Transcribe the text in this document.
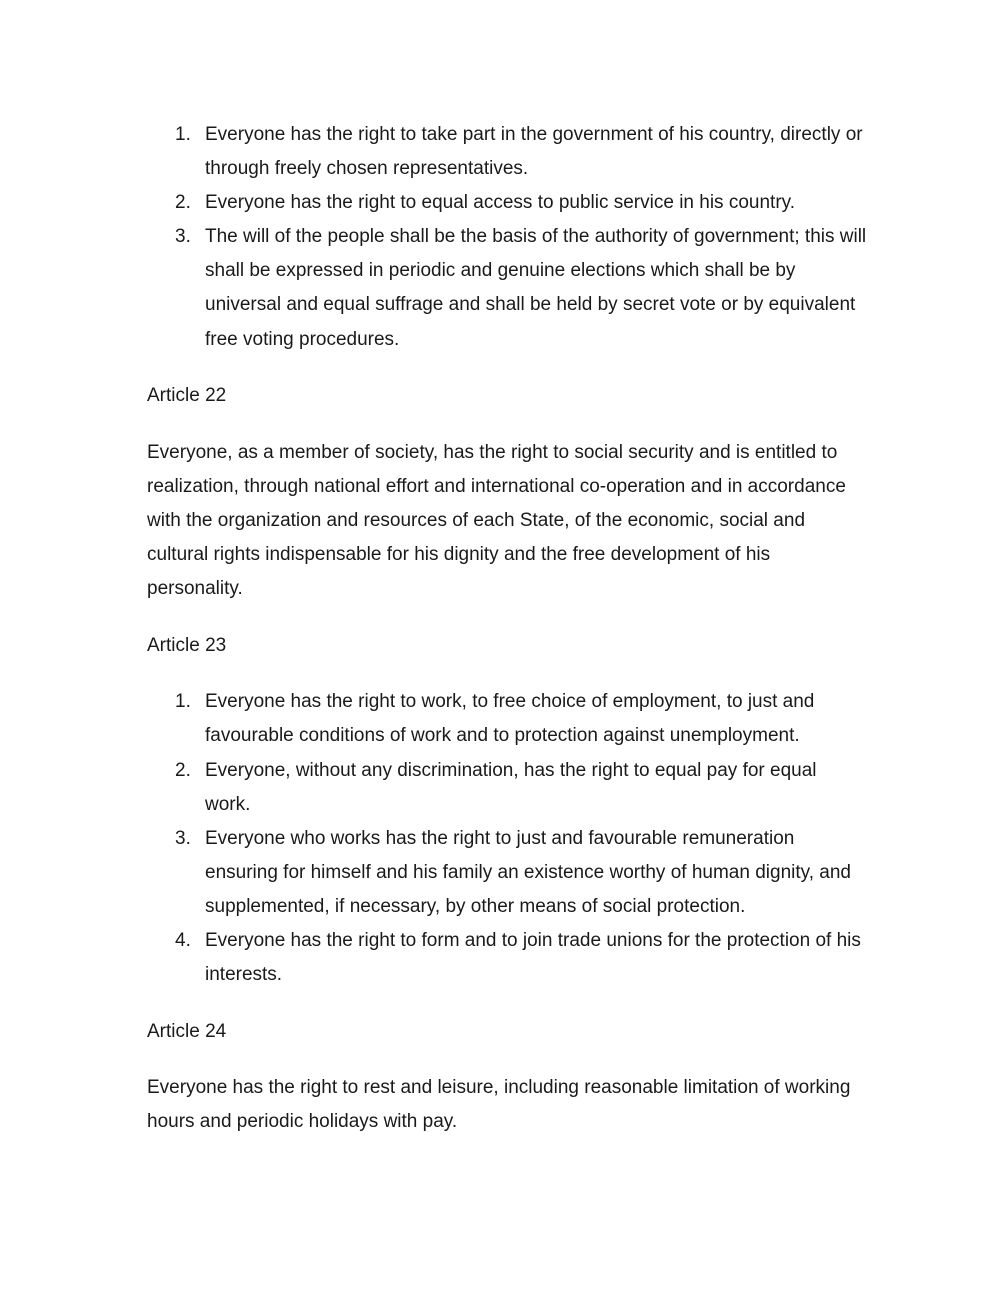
1. Everyone has the right to take part in the government of his country, directly or through freely chosen representatives.
2. Everyone has the right to equal access to public service in his country.
3. The will of the people shall be the basis of the authority of government; this will shall be expressed in periodic and genuine elections which shall be by universal and equal suffrage and shall be held by secret vote or by equivalent free voting procedures.
Article 22

Everyone, as a member of society, has the right to social security and is entitled to realization, through national effort and international co-operation and in accordance with the organization and resources of each State, of the economic, social and cultural rights indispensable for his dignity and the free development of his personality.

Article 23
1. Everyone has the right to work, to free choice of employment, to just and favourable conditions of work and to protection against unemployment.
2. Everyone, without any discrimination, has the right to equal pay for equal work.
3. Everyone who works has the right to just and favourable remuneration ensuring for himself and his family an existence worthy of human dignity, and supplemented, if necessary, by other means of social protection.
4. Everyone has the right to form and to join trade unions for the protection of his interests.
Article 24

Everyone has the right to rest and leisure, including reasonable limitation of working hours and periodic holidays with pay.
